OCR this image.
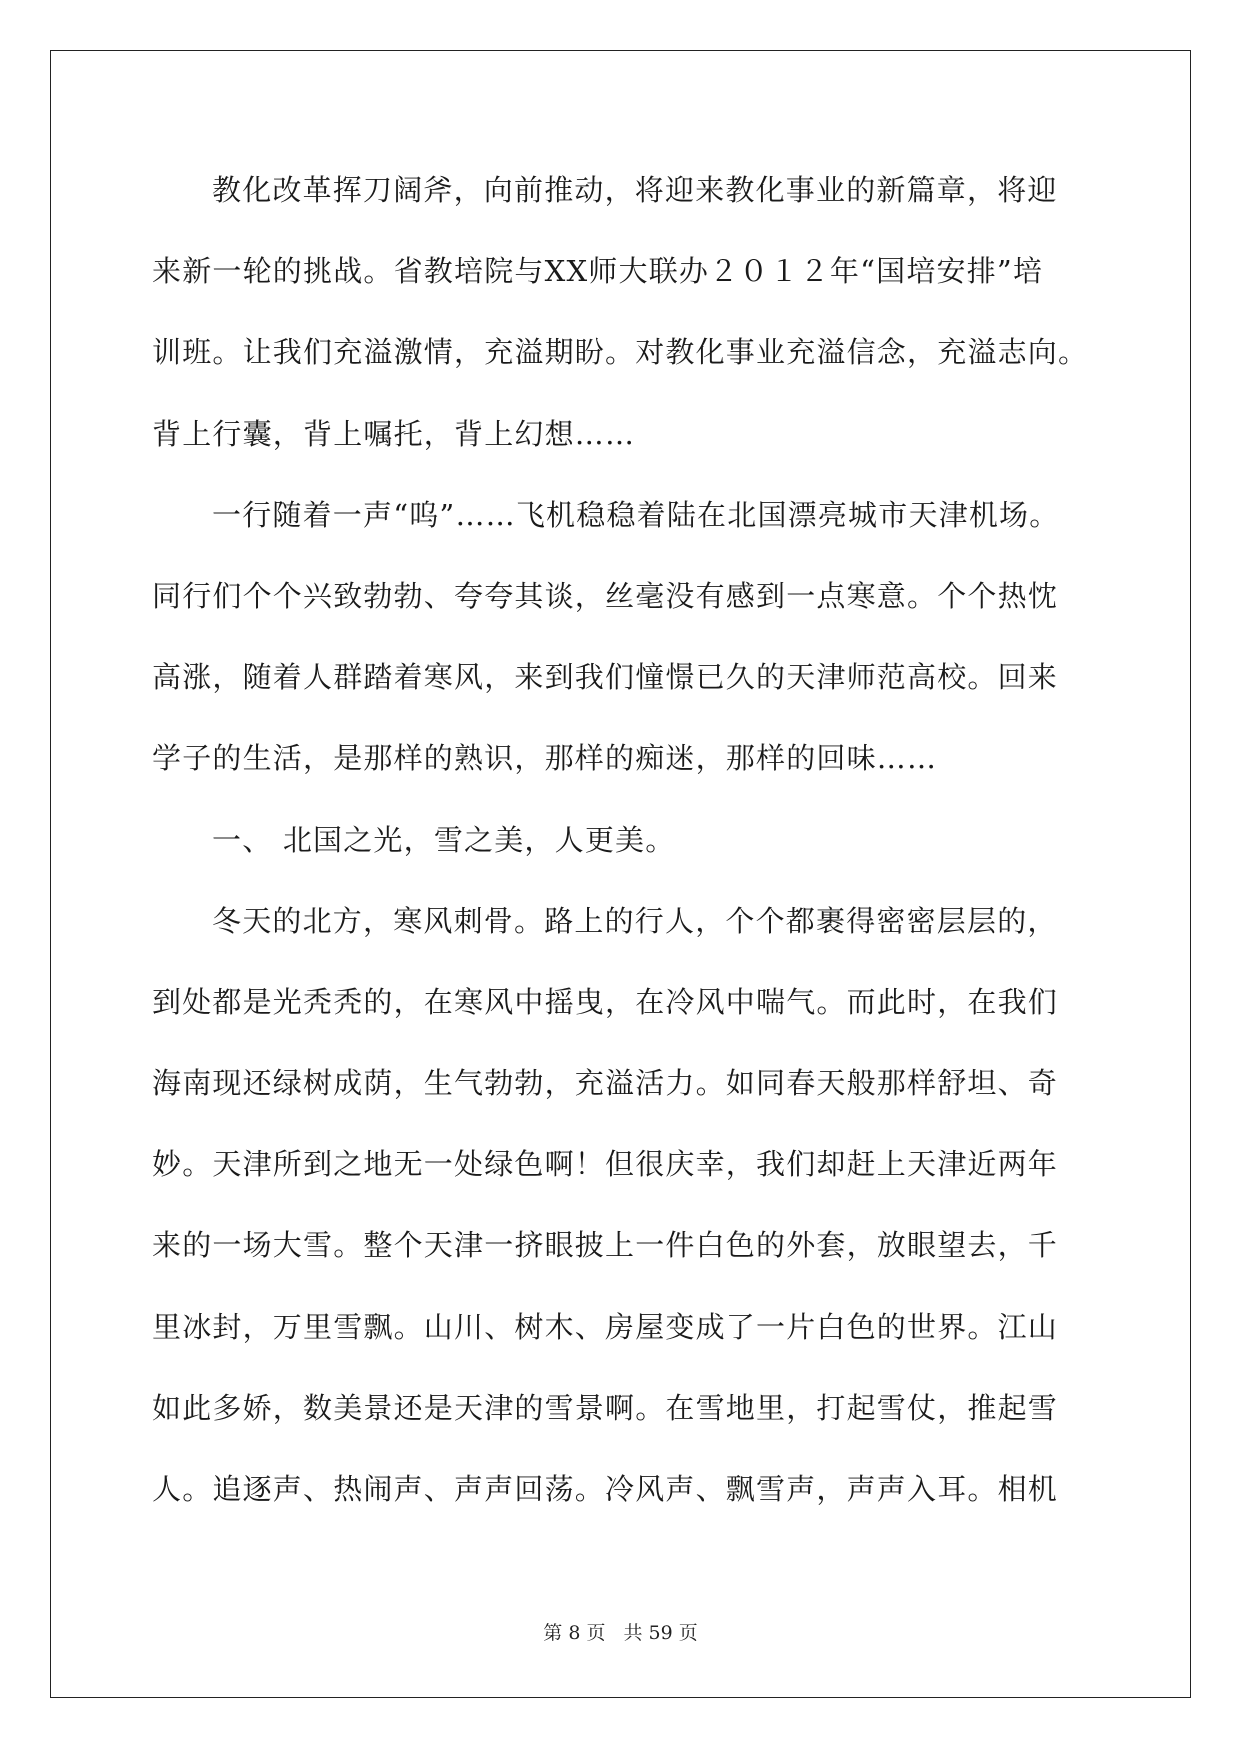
教化改革挥刀阔斧，向前推动，将迎来教化事业的新篇章，将迎
来新一轮的挑战。省教培院与XX师大联办２０１２年“国培安排”培
训班。让我们充溢激情，充溢期盼。对教化事业充溢信念，充溢志向。
背上行囊，背上嘱托，背上幻想……
一行随着一声“呜”……飞机稳稳着陆在北国漂亮城市天津机场。
同行们个个兴致勃勃、夸夸其谈，丝毫没有感到一点寒意。个个热忱
高涨，随着人群踏着寒风，来到我们憧憬已久的天津师范高校。回来
学子的生活，是那样的熟识，那样的痴迷，那样的回味……
一、 北国之光，雪之美，人更美。
冬天的北方，寒风刺骨。路上的行人，个个都裹得密密层层的，
到处都是光秃秃的，在寒风中摇曳，在冷风中喘气。而此时，在我们
海南现还绿树成荫，生气勃勃，充溢活力。如同春天般那样舒坦、奇
妙。天津所到之地无一处绿色啊！但很庆幸，我们却赶上天津近两年
来的一场大雪。整个天津一挤眼披上一件白色的外套，放眼望去，千
里冰封，万里雪飘。山川、树木、房屋变成了一片白色的世界。江山
如此多娇，数美景还是天津的雪景啊。在雪地里，打起雪仗，推起雪
人。追逐声、热闹声、声声回荡。冷风声、飘雪声，声声入耳。相机
第 8 页 共 59 页
